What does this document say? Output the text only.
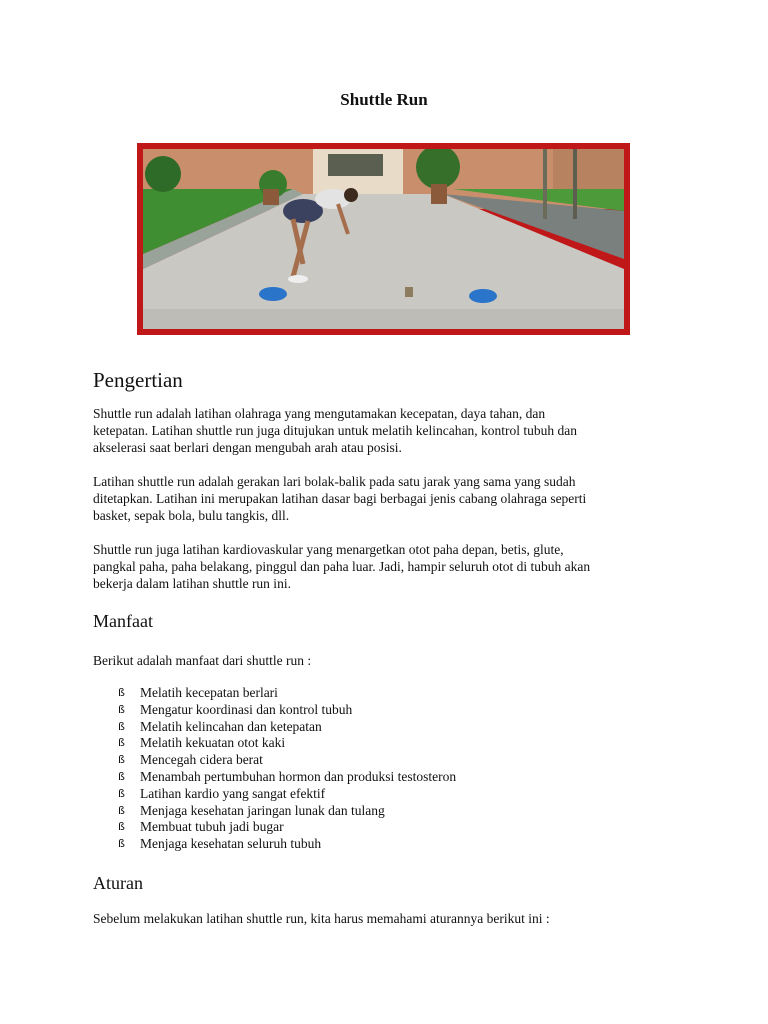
Shuttle Run
Pengertian
Shuttle run adalah latihan olahraga yang mengutamakan kecepatan, daya tahan, dan
ketepatan. Latihan shuttle run juga ditujukan untuk melatih kelincahan, kontrol tubuh dan
akselerasi saat berlari dengan mengubah arah atau posisi.
Latihan shuttle run adalah gerakan lari bolak-balik pada satu jarak yang sama yang sudah
ditetapkan. Latihan ini merupakan latihan dasar bagi berbagai jenis cabang olahraga seperti
basket, sepak bola, bulu tangkis, dll.
Shuttle run juga latihan kardiovaskular yang menargetkan otot paha depan, betis, glute,
pangkal paha, paha belakang, pinggul dan paha luar. Jadi, hampir seluruh otot di tubuh akan
bekerja dalam latihan shuttle run ini.
Manfaat
Berikut adalah manfaat dari shuttle run :
ß	Melatih kecepatan berlari
ß	Mengatur koordinasi dan kontrol tubuh
ß	Melatih kelincahan dan ketepatan
ß	Melatih kekuatan otot kaki
ß	Mencegah cidera berat
ß	Menambah pertumbuhan hormon dan produksi testosteron
ß	Latihan kardio yang sangat efektif
ß	Menjaga kesehatan jaringan lunak dan tulang
ß	Membuat tubuh jadi bugar
ß	Menjaga kesehatan seluruh tubuh
Aturan
Sebelum melakukan latihan shuttle run, kita harus memahami aturannya berikut ini :
